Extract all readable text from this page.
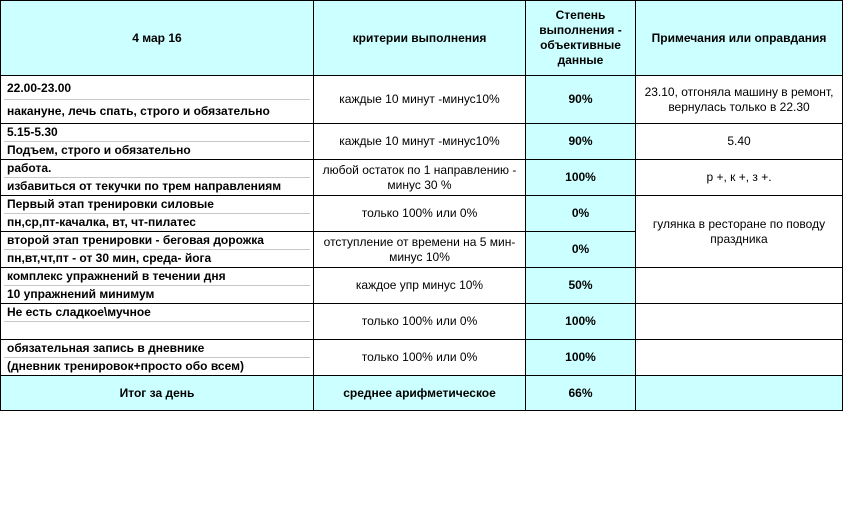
4 мар 16	критерии выполнения	Степень выполнения - объективные данные	Примечания или оправдания

22.00-23.00
накануне, лечь спать, строго и обязательно	каждые 10 минут -минус10%	90%	23.10, отгоняла машину в ремонт, вернулась только в 22.30

5.15-5.30
Подъем, строго и обязательно	каждые 10 минут -минус10%	90%	5.40

работа.
избавиться от текучки по трем направлениям	любой остаток по 1 направлению - минус 30 %	100%	р +, к +, з +.

Первый этап тренировки силовые
пн,ср,пт-качалка, вт, чт-пилатес	только 100% или 0%	0%	гулянка в ресторане по поводу праздника

второй этап тренировки - беговая дорожка
пн,вт,чт,пт - от 30 мин, среда- йога	отступление от времени на 5 мин- минус 10%	0%	

комплекс упражнений в течении дня
10 упражнений минимум	каждое упр минус 10%	50%	

Не есть сладкое\мучное	только 100% или 0%	100%	

обязательная запись в дневнике
(дневник тренировок+просто обо всем)	только 100% или 0%	100%	
Итог за день	среднее арифметическое	66%	
